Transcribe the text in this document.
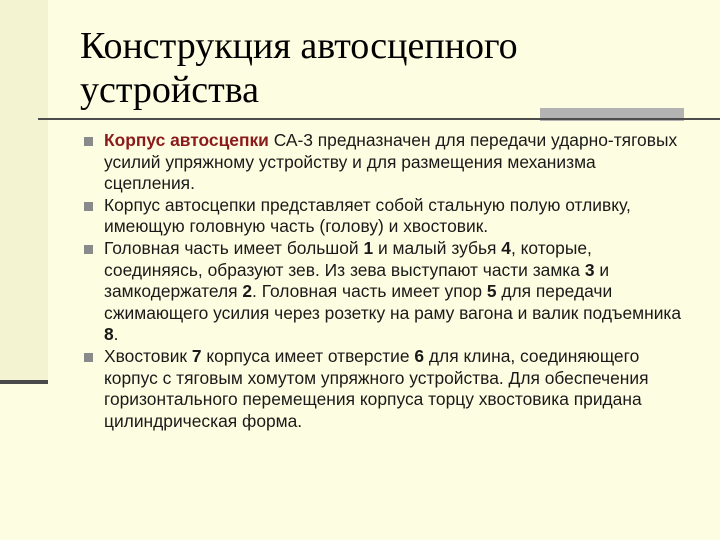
Конструкция автосцепного устройства
Корпус автосцепки СА-3 предназначен для передачи ударно-тяговых усилий упряжному устройству и для размещения механизма сцепления.
Корпус автосцепки представляет собой стальную полую отливку, имеющую головную часть (голову) и хвостовик.
Головная часть имеет большой 1 и малый зубья 4, которые, соединяясь, образуют зев. Из зева выступают части замка 3 и замкодержателя 2. Головная часть имеет упор 5 для передачи сжимающего усилия через розетку на раму вагона и валик подъемника 8.
Хвостовик 7 корпуса имеет отверстие 6 для клина, соединяющего корпус с тяговым хомутом упряжного устройства. Для обеспечения горизонтального перемещения корпуса торцу хвостовика придана цилиндрическая форма.
